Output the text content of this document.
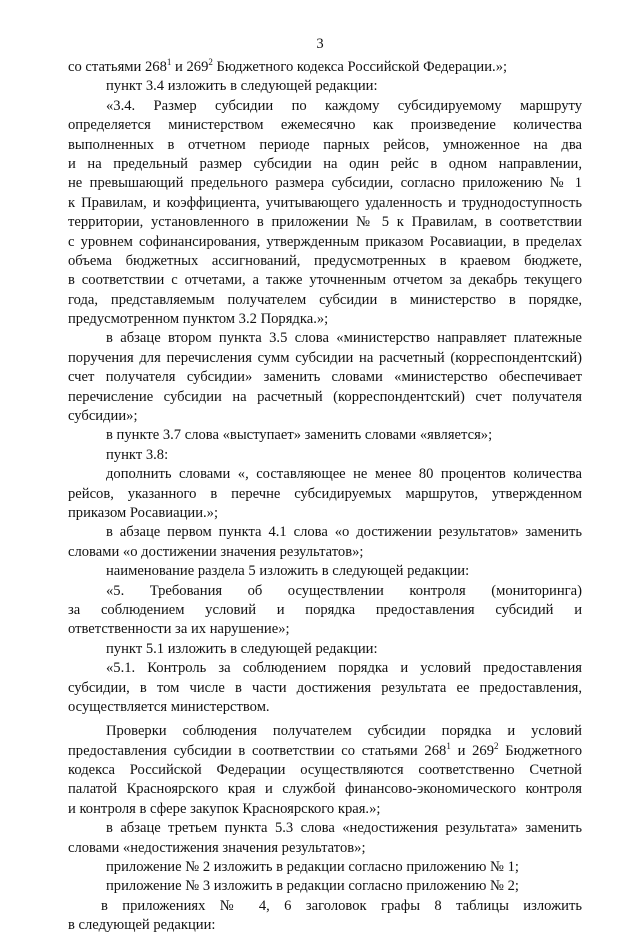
3
со статьями $268^1$ и $269^2$ Бюджетного кодекса Российской Федерации.»;
пункт 3.4 изложить в следующей редакции:
«3.4. Размер субсидии по каждому субсидируемому маршруту
определяется министерством ежемесячно как произведение количества
выполненных в отчетном периоде парных рейсов, умноженное на два
и на предельный размер субсидии на один рейс в одном направлении,
не превышающий предельного размера субсидии, согласно приложению № 1
к Правилам, и коэффициента, учитывающего удаленность и труднодоступность
территории, установленного в приложении № 5 к Правилам, в соответствии
с уровнем софинансирования, утвержденным приказом Росавиации, в пределах
объема бюджетных ассигнований, предусмотренных в краевом бюджете,
в соответствии с отчетами, а также уточненным отчетом за декабрь текущего
года, представляемым получателем субсидии в министерство в порядке,
предусмотренном пунктом 3.2 Порядка.»;
в абзаце втором пункта 3.5 слова «министерство направляет платежные
поручения для перечисления сумм субсидии на расчетный (корреспондентский)
счет получателя субсидии» заменить словами «министерство обеспечивает
перечисление субсидии на расчетный (корреспондентский) счет получателя
субсидии»;
в пункте 3.7 слова «выступает» заменить словами «является»;
пункт 3.8:
дополнить словами «, составляющее не менее 80 процентов количества
рейсов, указанного в перечне субсидируемых маршрутов, утвержденном
приказом Росавиации.»;
в абзаце первом пункта 4.1 слова «о достижении результатов» заменить
словами «о достижении значения результатов»;
наименование раздела 5 изложить в следующей редакции:
«5. Требования об осуществлении контроля (мониторинга)
за соблюдением условий и порядка предоставления субсидий и
ответственности за их нарушение»;
пункт 5.1 изложить в следующей редакции:
«5.1. Контроль за соблюдением порядка и условий предоставления
субсидии, в том числе в части достижения результата ее предоставления,
осуществляется министерством.
Проверки соблюдения получателем субсидии порядка и условий
предоставления субсидии в соответствии со статьями $268^1$ и $269^2$ Бюджетного
кодекса Российской Федерации осуществляются соответственно Счетной
палатой Красноярского края и службой финансово-экономического контроля
и контроля в сфере закупок Красноярского края.»;
в абзаце третьем пункта 5.3 слова «недостижения результата» заменить
словами «недостижения значения результатов»;
приложение № 2 изложить в редакции согласно приложению № 1;
приложение № 3 изложить в редакции согласно приложению № 2;
в приложениях № 4, 6 заголовок графы 8 таблицы изложить
в следующей редакции:
